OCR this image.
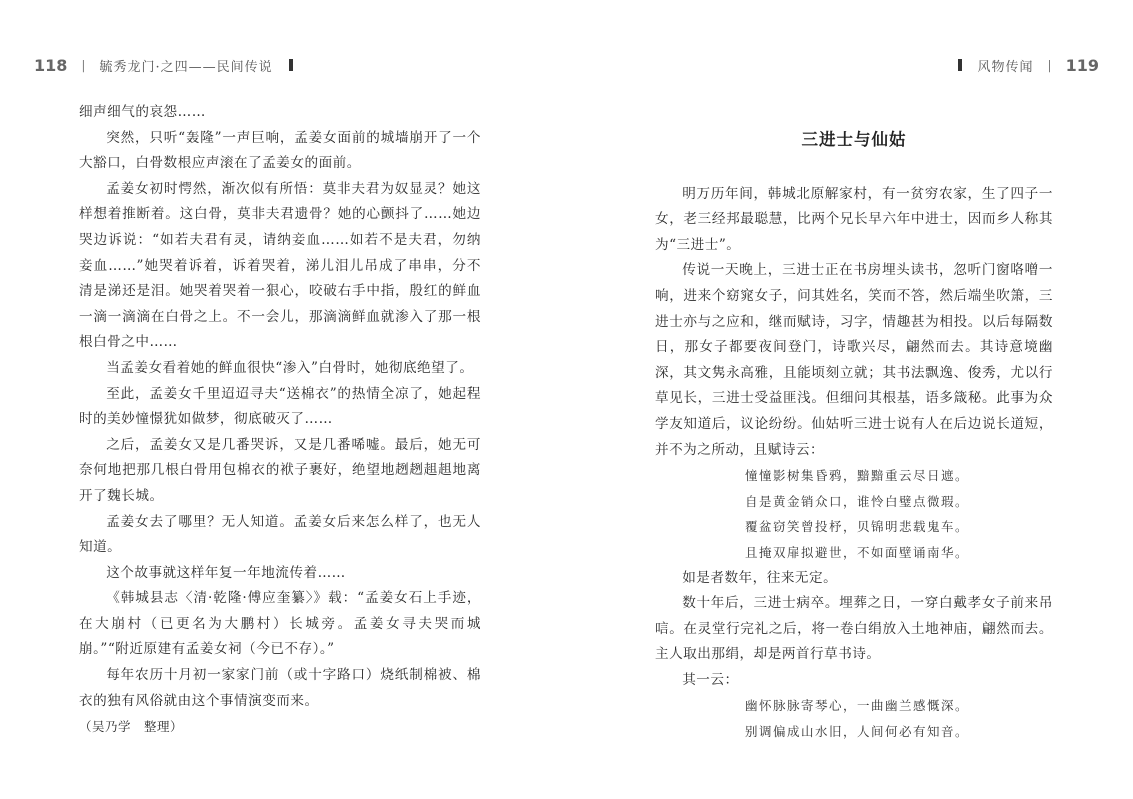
118 | 毓秀龙门·之四——民间传说	风物传闻 | 119

细声细气的哀怨……

突然，只听“轰隆”一声巨响，孟姜女面前的城墙崩开了一个大豁口，白骨数根应声滚在了孟姜女的面前。

孟姜女初时愕然，渐次似有所悟：莫非夫君为奴显灵？她这样想着推断着。这白骨，莫非夫君遗骨？她的心颤抖了……她边哭边诉说：“如若夫君有灵，请纳妾血……如若不是夫君，勿纳妾血……”她哭着诉着，诉着哭着，涕儿泪儿吊成了串串，分不清是涕还是泪。她哭着哭着一狠心，咬破右手中指，殷红的鲜血一滴一滴滴在白骨之上。不一会儿，那滴滴鲜血就渗入了那一根根白骨之中……

当孟姜女看着她的鲜血很快“渗入”白骨时，她彻底绝望了。

至此，孟姜女千里迢迢寻夫“送棉衣”的热情全凉了，她起程时的美妙憧憬犹如做梦，彻底破灭了……

之后，孟姜女又是几番哭诉，又是几番唏嘘。最后，她无可奈何地把那几根白骨用包棉衣的袱子裹好，绝望地趔趔趄趄地离开了魏长城。

孟姜女去了哪里？无人知道。孟姜女后来怎么样了，也无人知道。

这个故事就这样年复一年地流传着……

《韩城县志〈清·乾隆·傅应奎纂〉》载：“孟姜女石上手迹，在大崩村（已更名为大鹏村）长城旁。孟姜女寻夫哭而城崩。”“附近原建有孟姜女祠（今已不存）。”

每年农历十月初一家家门前（或十字路口）烧纸制棉被、棉衣的独有风俗就由这个事情演变而来。

（吴乃学　整理）

三进士与仙姑

明万历年间，韩城北原解家村，有一贫穷农家，生了四子一女，老三经邦最聪慧，比两个兄长早六年中进士，因而乡人称其为“三进士”。

传说一天晚上，三进士正在书房埋头读书，忽听门窗咯噌一响，进来个窈窕女子，问其姓名，笑而不答，然后端坐吹箫，三进士亦与之应和，继而赋诗，习字，情趣甚为相投。以后每隔数日，那女子都要夜间登门，诗歌兴尽，翩然而去。其诗意境幽深，其文隽永高雅，且能顷刻立就；其书法飘逸、俊秀，尤以行草见长，三进士受益匪浅。但细问其根基，语多箴秘。此事为众学友知道后，议论纷纷。仙姑听三进士说有人在后边说长道短，并不为之所动，且赋诗云：

憧憧影树集昏鸦，黯黯重云尽日遮。

自是黄金销众口，谁怜白璧点微瑕。

覆盆窃笑曾投杼，贝锦明悲载鬼车。

且掩双扉拟避世，不如面壁诵南华。

如是者数年，往来无定。

数十年后，三进士病卒。埋葬之日，一穿白戴孝女子前来吊唁。在灵堂行完礼之后，将一卷白绢放入土地神庙，翩然而去。主人取出那绢，却是两首行草书诗。

其一云：

幽怀脉脉寄琴心，一曲幽兰感慨深。

别调偏成山水旧，人间何必有知音。
